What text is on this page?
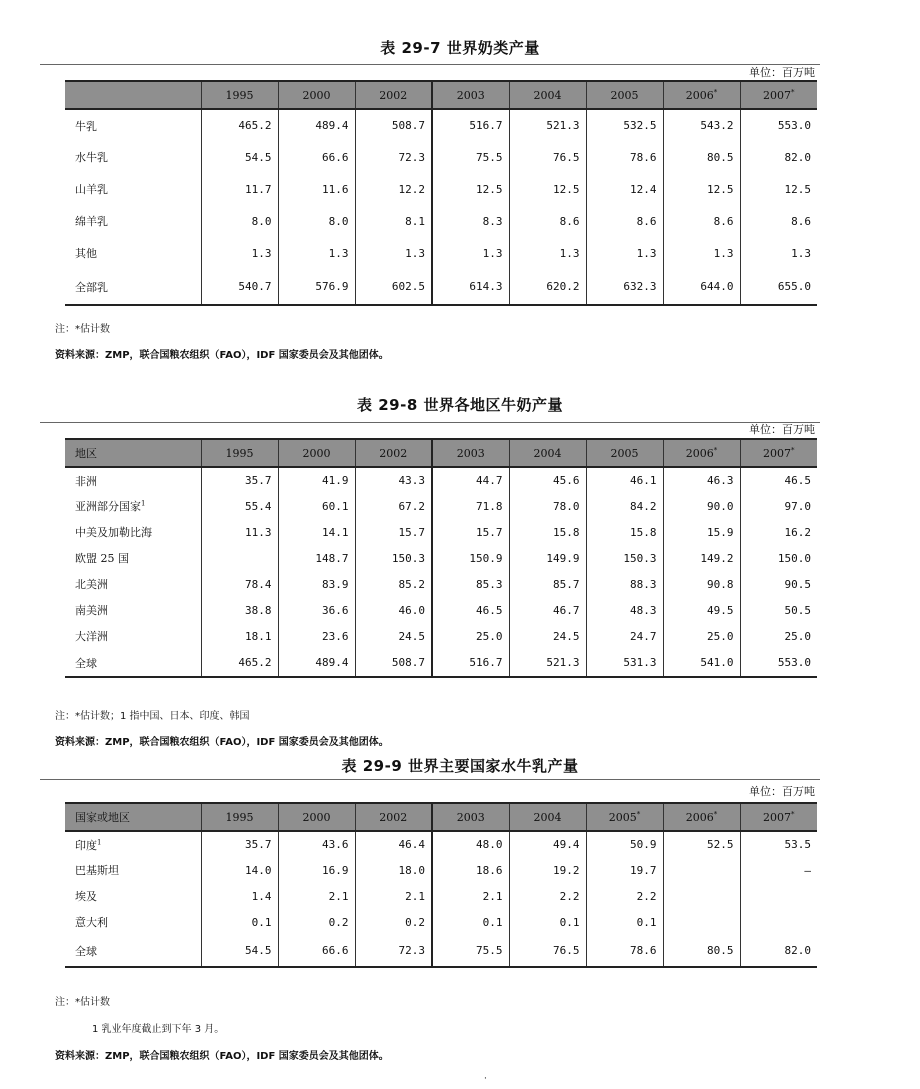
表 29-7 世界奶类产量
单位：百万吨
	1995	2000	2002	2003	2004	2005	2006*	2007*
牛乳	465.2	489.4	508.7	516.7	521.3	532.5	543.2	553.0
水牛乳	54.5	66.6	72.3	75.5	76.5	78.6	80.5	82.0
山羊乳	11.7	11.6	12.2	12.5	12.5	12.4	12.5	12.5
绵羊乳	8.0	8.0	8.1	8.3	8.6	8.6	8.6	8.6
其他	1.3	1.3	1.3	1.3	1.3	1.3	1.3	1.3
全部乳	540.7	576.9	602.5	614.3	620.2	632.3	644.0	655.0
注：*估计数
资料来源：ZMP，联合国粮农组织（FAO），IDF 国家委员会及其他团体。
表 29-8 世界各地区牛奶产量
单位：百万吨
地区	1995	2000	2002	2003	2004	2005	2006*	2007*
非洲	35.7	41.9	43.3	44.7	45.6	46.1	46.3	46.5
亚洲部分国家$^1$	55.4	60.1	67.2	71.8	78.0	84.2	90.0	97.0
中美及加勒比海	11.3	14.1	15.7	15.7	15.8	15.8	15.9	16.2
欧盟 25 国		148.7	150.3	150.9	149.9	150.3	149.2	150.0
北美洲	78.4	83.9	85.2	85.3	85.7	88.3	90.8	90.5
南美洲	38.8	36.6	46.0	46.5	46.7	48.3	49.5	50.5
大洋洲	18.1	23.6	24.5	25.0	24.5	24.7	25.0	25.0
全球	465.2	489.4	508.7	516.7	521.3	531.3	541.0	553.0
注：*估计数；1 指中国、日本、印度、韩国
资料来源：ZMP，联合国粮农组织（FAO），IDF 国家委员会及其他团体。
表 29-9 世界主要国家水牛乳产量
单位：百万吨
国家或地区	1995	2000	2002	2003	2004	2005*	2006*	2007*
印度$^1$	35.7	43.6	46.4	48.0	49.4	50.9	52.5	53.5
巴基斯坦	14.0	16.9	18.0	18.6	19.2	19.7		—
埃及	1.4	2.1	2.1	2.1	2.2	2.2		
意大利	0.1	0.2	0.2	0.1	0.1	0.1		
全球	54.5	66.6	72.3	75.5	76.5	78.6	80.5	82.0
注：*估计数
1 乳业年度截止到下年 3 月。
资料来源：ZMP，联合国粮农组织（FAO），IDF 国家委员会及其他团体。
·
